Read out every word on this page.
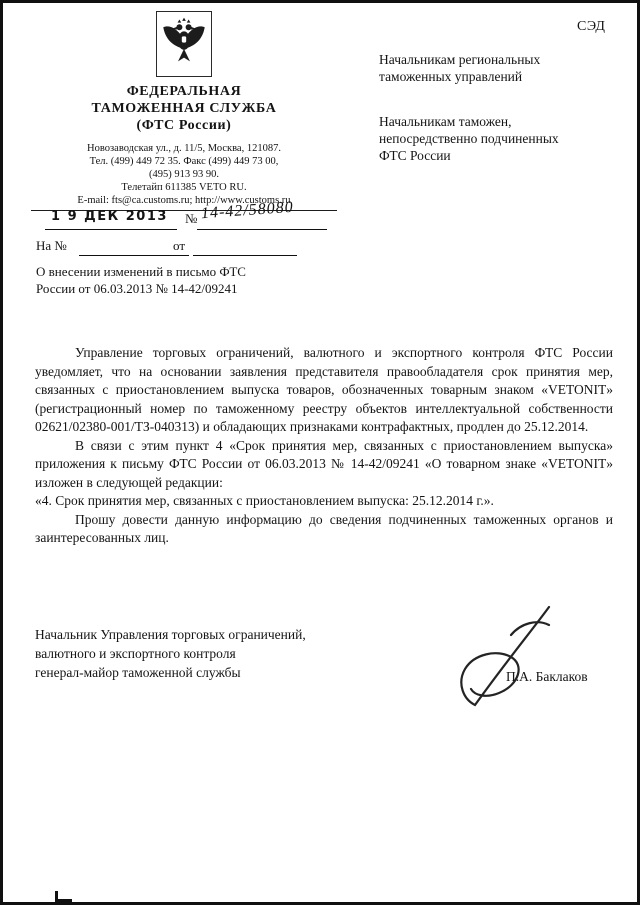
СЭД
ФЕДЕРАЛЬНАЯ
ТАМОЖЕННАЯ СЛУЖБА
(ФТС России)
Новозаводская ул., д. 11/5, Москва, 121087.
Тел. (499) 449 72 35. Факс (499) 449 73 00,
(495) 913 93 90.
Телетайп 611385 VETO RU.
E-mail: fts@ca.customs.ru; http://www.customs.ru
1 9 ДЕК 2013 № 14-42/58080
На №	от
О внесении изменений в письмо ФТС
России от 06.03.2013 № 14-42/09241
Начальникам региональных
таможенных управлений
Начальникам таможен,
непосредственно подчиненных
ФТС России

Управление торговых ограничений, валютного и экспортного контроля ФТС России уведомляет, что на основании заявления представителя правообладателя срок принятия мер, связанных с приостановлением выпуска товаров, обозначенных товарным знаком «VETONIT» (регистрационный номер по таможенному реестру объектов интеллектуальной собственности 02621/02380-001/ТЗ-040313) и обладающих признаками контрафактных, продлен до 25.12.2014.

В связи с этим пункт 4 «Срок принятия мер, связанных с приостановлением выпуска» приложения к письму ФТС России от 06.03.2013 № 14-42/09241 «О товарном знаке «VETONIT» изложен в следующей редакции:

«4. Срок принятия мер, связанных с приостановлением выпуска: 25.12.2014 г.».

Прошу довести данную информацию до сведения подчиненных таможенных органов и заинтересованных лиц.

Начальник Управления торговых ограничений,
валютного и экспортного контроля
генерал-майор таможенной службы	П.А. Баклаков
